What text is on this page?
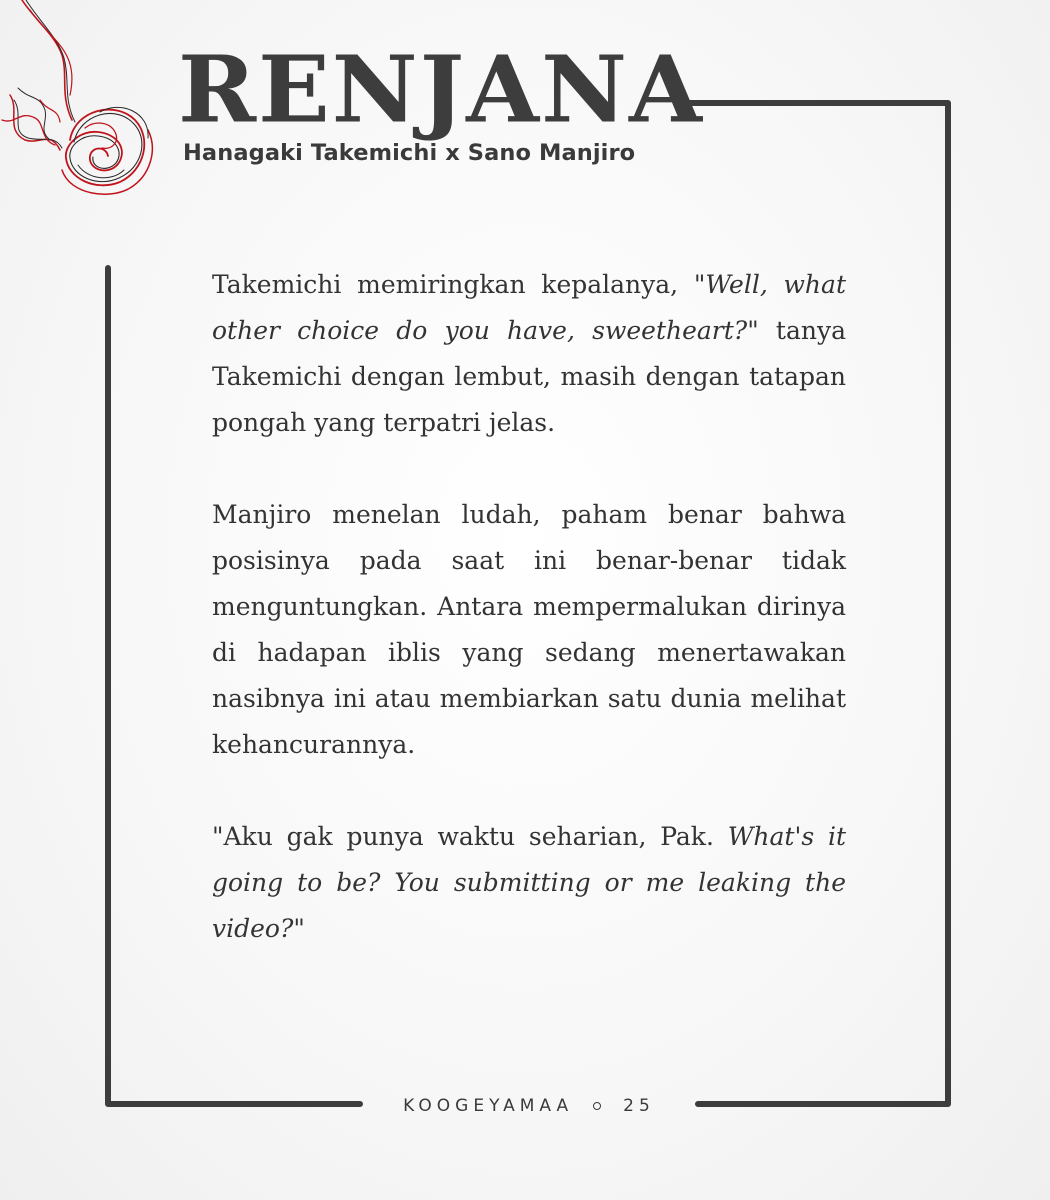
RENJANA
Hanagaki Takemichi x Sano Manjiro

Takemichi memiringkan kepalanya, "Well, what other choice do you have, sweetheart?" tanya Takemichi dengan lembut, masih dengan tatapan pongah yang terpatri jelas.

Manjiro menelan ludah, paham benar bahwa posisinya pada saat ini benar-benar tidak menguntungkan. Antara mempermalukan dirinya di hadapan iblis yang sedang menertawakan nasibnya ini atau membiarkan satu dunia melihat kehancurannya.

"Aku gak punya waktu seharian, Pak. What's it going to be? You submitting or me leaking the video?"

KOOGEYAMAA	25
